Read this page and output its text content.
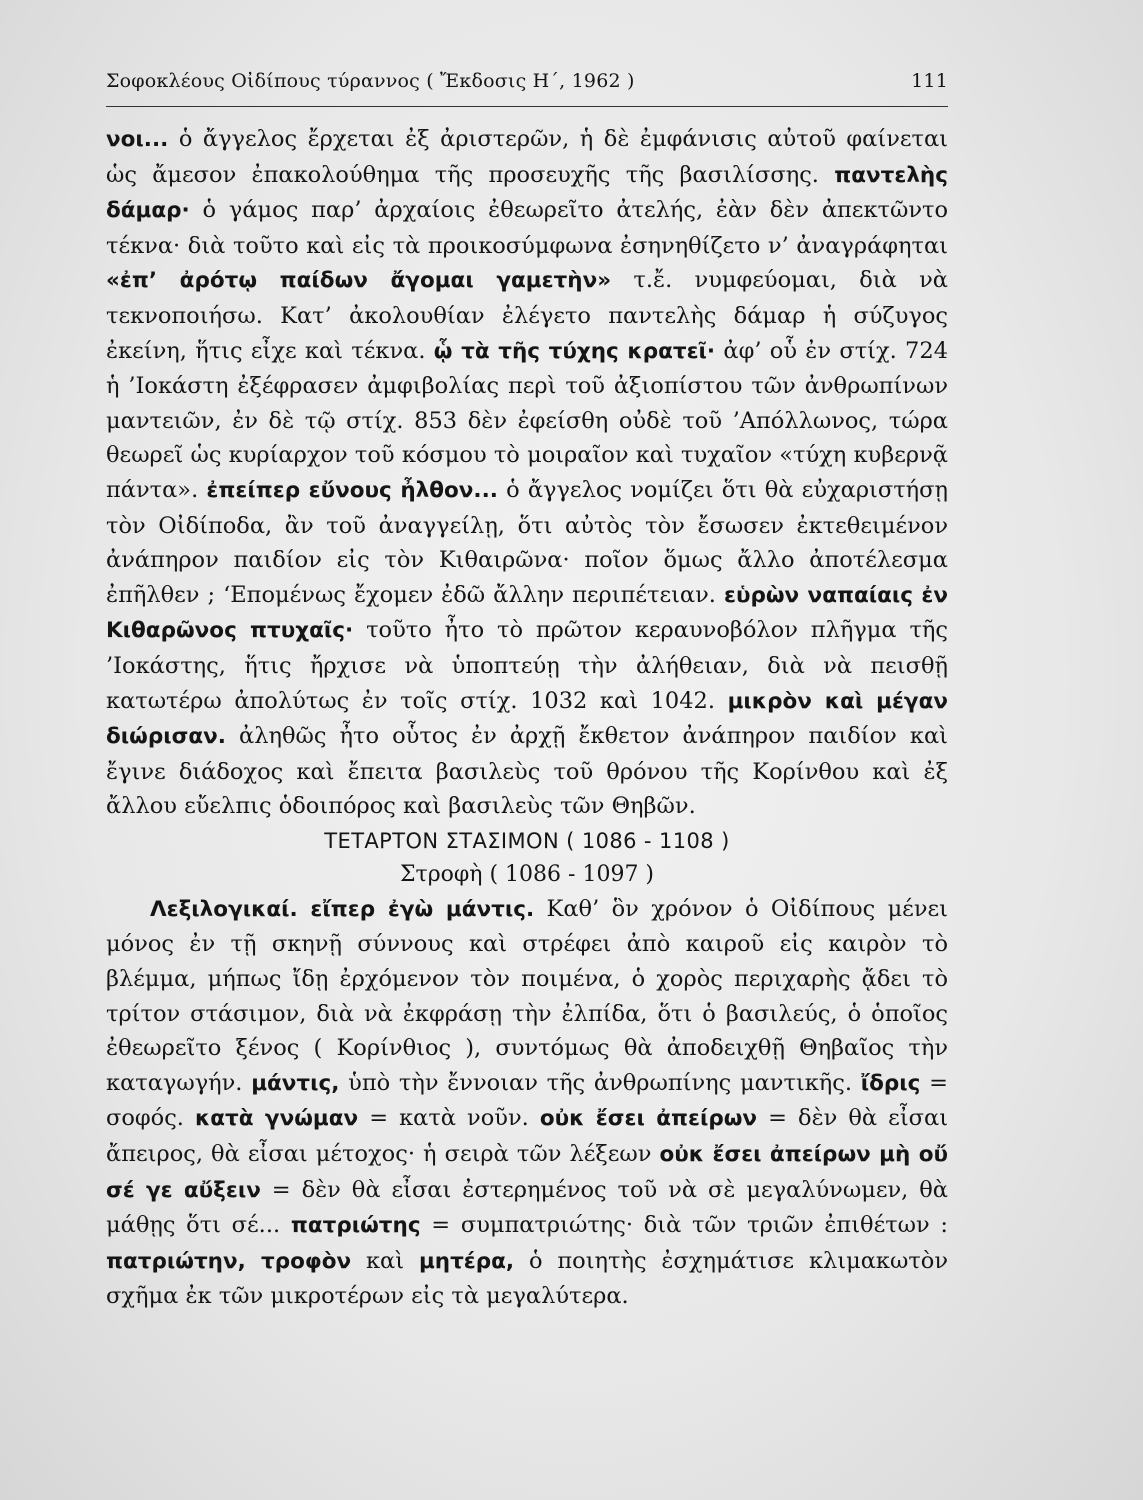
Σοφοκλέους Οἰδίπους τύραννος ( Ἔκδοσις Η΄, 1962 )	111

νοι... ὁ ἄγγελος ἔρχεται ἐξ ἀριστερῶν, ἡ δὲ ἐμφάνισις αὐτοῦ φαίνεται ὡς ἄμεσον ἐπακολούθημα τῆς προσευχῆς τῆς βασιλίσσης. παντελὴς δάμαρ· ὁ γάμος παρ’ ἀρχαίοις ἐθεωρεῖτο ἀτελής, ἐὰν δὲν ἀπεκτῶντο τέκνα· διὰ τοῦτο καὶ εἰς τὰ προικοσύμφωνα ἐσηνηθίζετο ν’ ἀναγράφηται «ἐπ’ ἀρότῳ παίδων ἄγομαι γαμετὴν» τ.ἔ. νυμφεύομαι, διὰ νὰ τεκνοποιήσω. Κατ’ ἀκολουθίαν ἐλέγετο παντελὴς δάμαρ ἡ σύζυγος ἐκείνη, ἥτις εἶχε καὶ τέκνα. ᾧ τὰ τῆς τύχης κρατεῖ· ἀφ’ οὗ ἐν στίχ. 724 ἡ ’Ιοκάστη ἐξέφρασεν ἀμφιβολίας περὶ τοῦ ἀξιοπίστου τῶν ἀνθρωπίνων μαντειῶν, ἐν δὲ τῷ στίχ. 853 δὲν ἐφείσθη οὐδὲ τοῦ ’Απόλλωνος, τώρα θεωρεῖ ὡς κυρίαρχον τοῦ κόσμου τὸ μοιραῖον καὶ τυχαῖον «τύχη κυβερνᾷ πάντα». ἐπείπερ εὔνους ἦλθον... ὁ ἄγγελος νομίζει ὅτι θὰ εὐχαριστήσῃ τὸν Οἰδίποδα, ἂν τοῦ ἀναγγείλῃ, ὅτι αὐτὸς τὸν ἔσωσεν ἐκτεθειμένον ἀνάπηρον παιδίον εἰς τὸν Κιθαιρῶνα· ποῖον ὅμως ἄλλο ἀποτέλεσμα ἐπῆλθεν ; ‘Επομένως ἔχομεν ἐδῶ ἄλλην περιπέτειαν. εὑρὼν ναπαίαις ἐν Κιθαρῶνος πτυχαῖς· τοῦτο ἦτο τὸ πρῶτον κεραυνοβόλον πλῆγμα τῆς ’Ιοκάστης, ἥτις ἤρχισε νὰ ὑποπτεύῃ τὴν ἀλήθειαν, διὰ νὰ πεισθῇ κατωτέρω ἀπολύτως ἐν τοῖς στίχ. 1032 καὶ 1042. μικρὸν καὶ μέγαν διώρισαν. ἀληθῶς ἦτο οὗτος ἐν ἀρχῇ ἔκθετον ἀνάπηρον παιδίον καὶ ἔγινε διάδοχος καὶ ἔπειτα βασιλεὺς τοῦ θρόνου τῆς Κορίνθου καὶ ἐξ ἄλλου εὔελπις ὁδοιπόρος καὶ βασιλεὺς τῶν Θηβῶν.

ΤΕΤΑΡΤΟΝ ΣΤΑΣΙΜΟΝ ( 1086 - 1108 )

Στροφὴ ( 1086 - 1097 )

Λεξιλογικαί. εἴπερ ἐγὼ μάντις. Καθ’ ὃν χρόνον ὁ Οἰδίπους μένει μόνος ἐν τῇ σκηνῇ σύννους καὶ στρέφει ἀπὸ καιροῦ εἰς καιρὸν τὸ βλέμμα, μήπως ἴδῃ ἐρχόμενον τὸν ποιμένα, ὁ χορὸς περιχαρὴς ᾄδει τὸ τρίτον στάσιμον, διὰ νὰ ἐκφράσῃ τὴν ἐλπίδα, ὅτι ὁ βασιλεύς, ὁ ὁποῖος ἐθεωρεῖτο ξένος ( Κορίνθιος ), συντόμως θὰ ἀποδειχθῇ Θηβαῖος τὴν καταγωγήν. μάντις, ὑπὸ τὴν ἔννοιαν τῆς ἀνθρωπίνης μαντικῆς. ἴδρις = σοφός. κατὰ γνώμαν = κατὰ νοῦν. οὐκ ἔσει ἀπείρων = δὲν θὰ εἶσαι ἄπειρος, θὰ εἶσαι μέτοχος· ἡ σειρὰ τῶν λέξεων οὐκ ἔσει ἀπείρων μὴ οὔ σέ γε αὔξειν = δὲν θὰ εἶσαι ἐστερημένος τοῦ νὰ σὲ μεγαλύνωμεν, θὰ μάθῃς ὅτι σέ... πατριώτης = συμπατριώτης· διὰ τῶν τριῶν ἐπιθέτων : πατριώτην, τροφὸν καὶ μητέρα, ὁ ποιητὴς ἐσχημάτισε κλιμακωτὸν σχῆμα ἐκ τῶν μικροτέρων εἰς τὰ μεγαλύτερα.
